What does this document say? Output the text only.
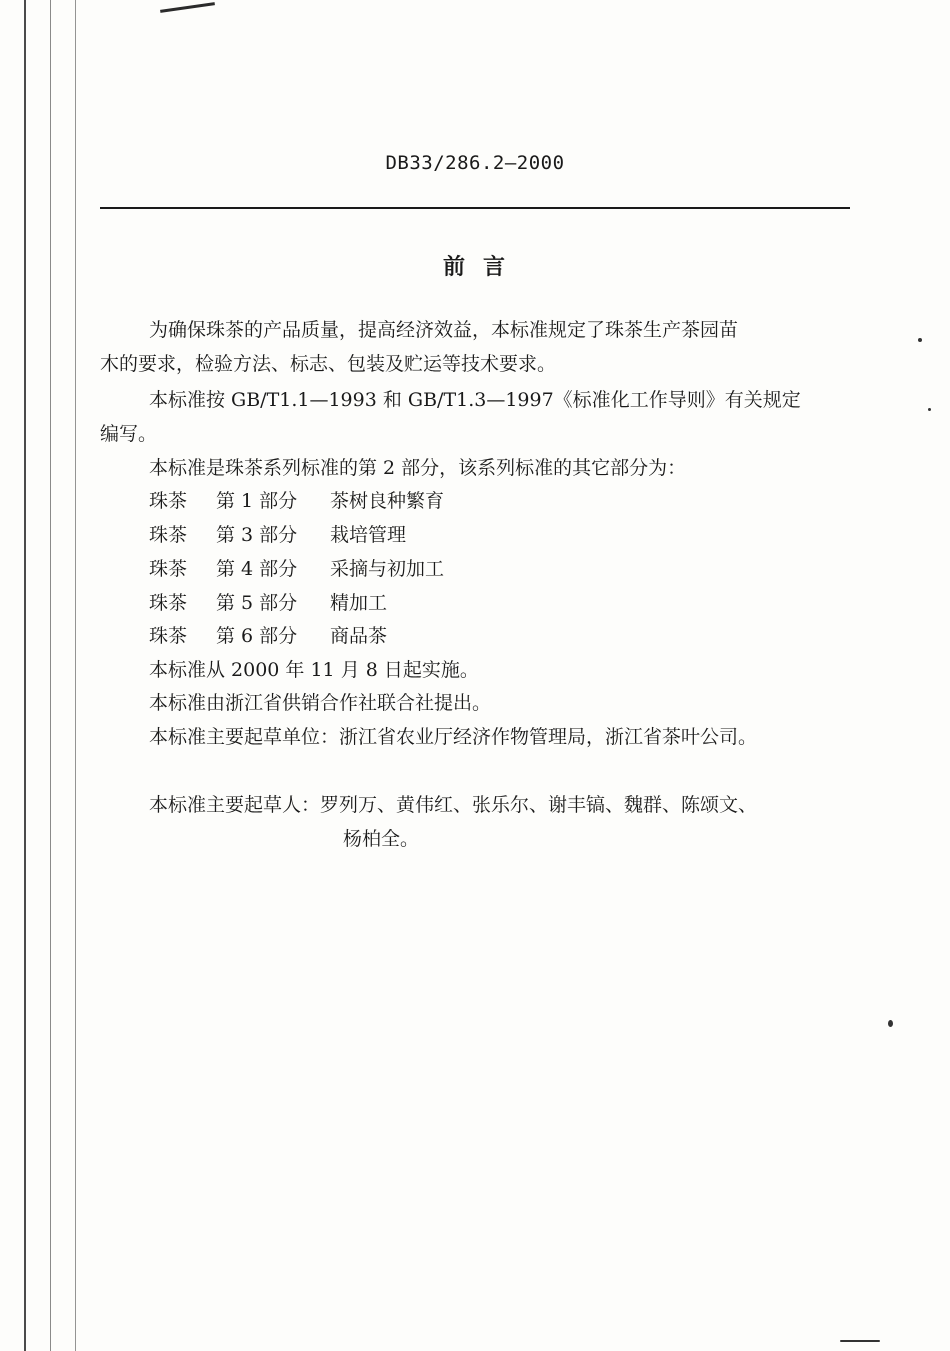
DB33/286.2—2000
前言
为确保珠茶的产品质量，提高经济效益，本标准规定了珠茶生产茶园苗
木的要求，检验方法、标志、包装及贮运等技术要求。
本标准按 GB/T1.1—1993 和 GB/T1.3—1997《标准化工作导则》有关规定
编写。
本标准是珠茶系列标准的第 2 部分，该系列标准的其它部分为：
珠茶 第 1 部分 茶树良种繁育
珠茶 第 3 部分 栽培管理
珠茶 第 4 部分 采摘与初加工
珠茶 第 5 部分 精加工
珠茶 第 6 部分 商品茶
本标准从 2000 年 11 月 8 日起实施。
本标准由浙江省供销合作社联合社提出。
本标准主要起草单位：浙江省农业厅经济作物管理局，浙江省茶叶公司。
本标准主要起草人：罗列万、黄伟红、张乐尔、谢丰镐、魏群、陈颂文、
杨柏全。
